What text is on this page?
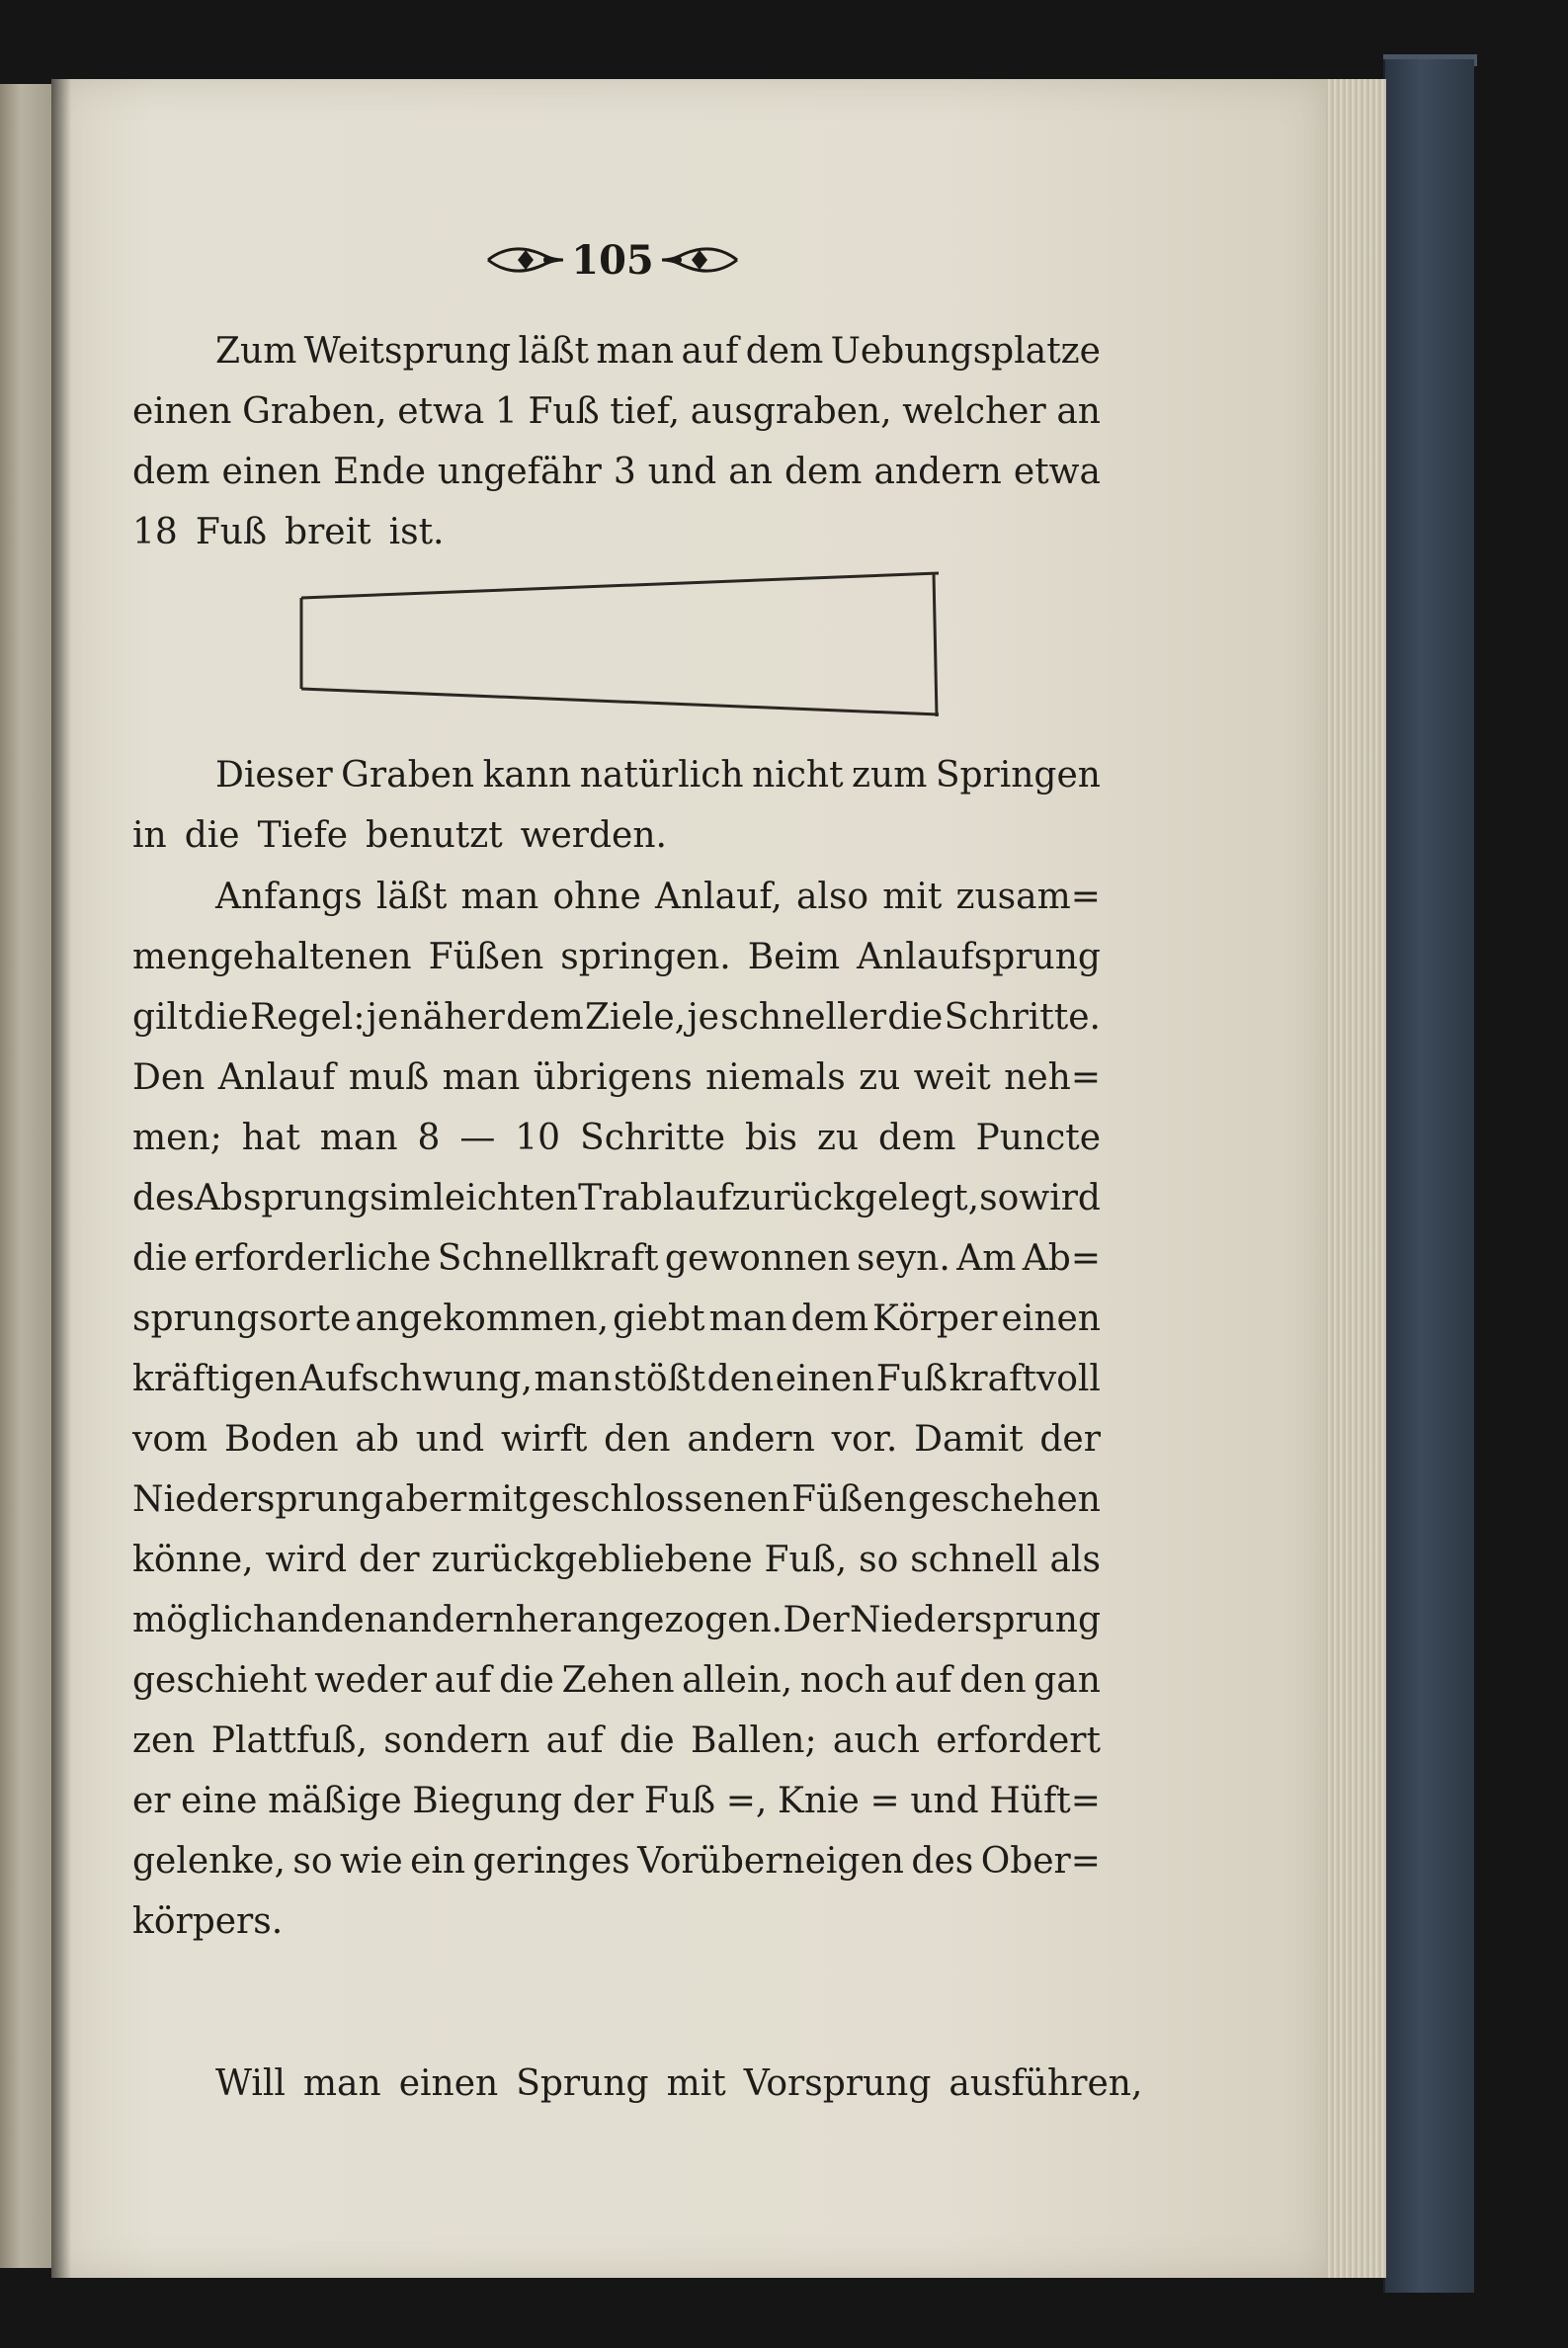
105
Zum Weitsprung läßt man auf dem Uebungsplatze
einen Graben, etwa 1 Fuß tief, ausgraben, welcher an
dem einen Ende ungefähr 3 und an dem andern etwa
18 Fuß breit ist.
Dieser Graben kann natürlich nicht zum Springen
in die Tiefe benutzt werden.
Anfangs läßt man ohne Anlauf, also mit zusam=
mengehaltenen Füßen springen. Beim Anlaufsprung
gilt die Regel: je näher dem Ziele, je schneller die Schritte.
Den Anlauf muß man übrigens niemals zu weit neh=
men; hat man 8 — 10 Schritte bis zu dem Puncte
des Absprungs im leichten Trablauf zurückgelegt, so wird
die erforderliche Schnellkraft gewonnen seyn. Am Ab=
sprungsorte angekommen, giebt man dem Körper einen
kräftigen Aufschwung, man stößt den einen Fuß kraftvoll
vom Boden ab und wirft den andern vor. Damit der
Niedersprung aber mit geschlossenen Füßen geschehen
könne, wird der zurückgebliebene Fuß, so schnell als
möglich an den andern herangezogen. Der Niedersprung
geschieht weder auf die Zehen allein, noch auf den gan
zen Plattfuß, sondern auf die Ballen; auch erfordert
er eine mäßige Biegung der Fuß =, Knie = und Hüft=
gelenke, so wie ein geringes Vorüberneigen des Ober=
körpers.
Will man einen Sprung mit Vorsprung ausführen,
